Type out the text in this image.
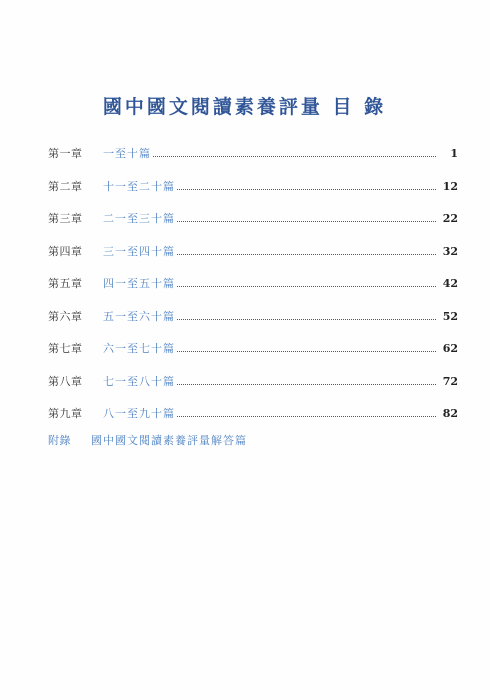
國中國文閱讀素養評量 目 錄
第一章	一至十篇	1
第二章	十一至二十篇	12
第三章	二一至三十篇	22
第四章	三一至四十篇	32
第五章	四一至五十篇	42
第六章	五一至六十篇	52
第七章	六一至七十篇	62
第八章	七一至八十篇	72
第九章	八一至九十篇	82
附錄	國中國文閱讀素養評量解答篇
